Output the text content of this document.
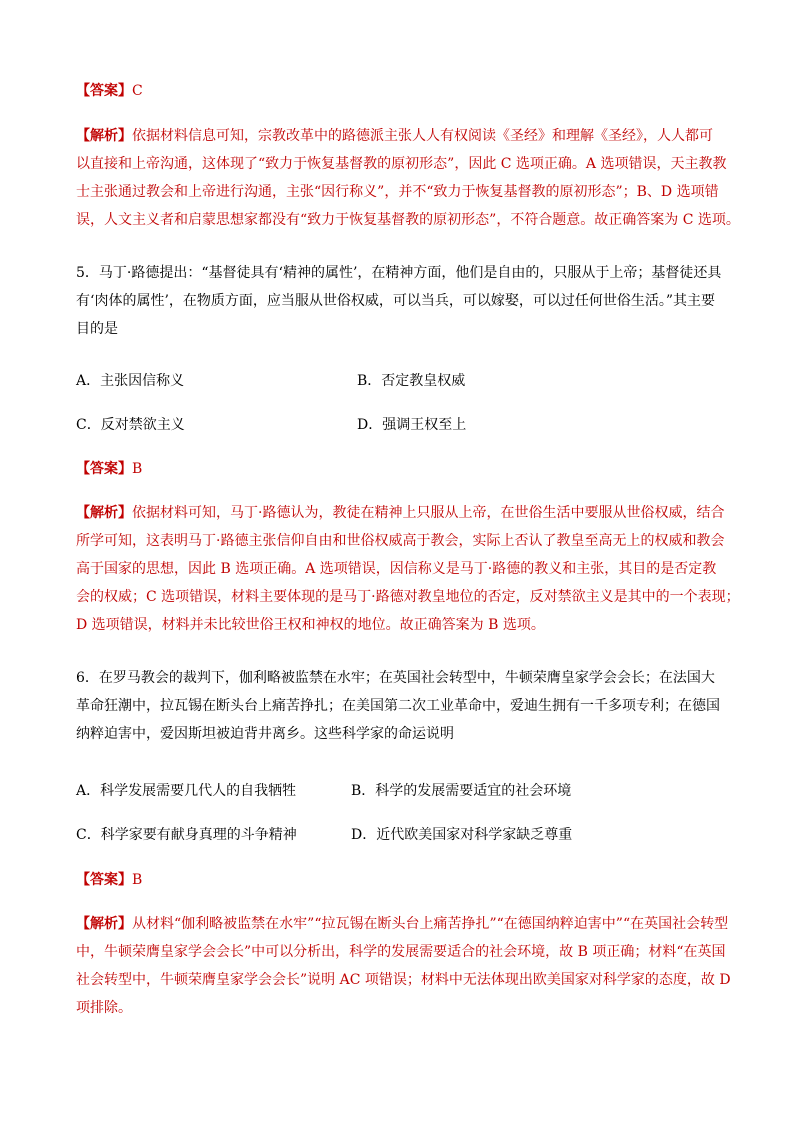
【答案】C
【解析】依据材料信息可知，宗教改革中的路德派主张人人有权阅读《圣经》和理解《圣经》，人人都可
以直接和上帝沟通，这体现了“致力于恢复基督教的原初形态”，因此 C 选项正确。A 选项错误，天主教教
士主张通过教会和上帝进行沟通，主张“因行称义”，并不“致力于恢复基督教的原初形态”；B、D 选项错
误，人文主义者和启蒙思想家都没有“致力于恢复基督教的原初形态”，不符合题意。故正确答案为 C 选项。
5．马丁·路德提出：“基督徒具有‘精神的属性’，在精神方面，他们是自由的，只服从于上帝；基督徒还具
有‘肉体的属性’，在物质方面，应当服从世俗权威，可以当兵，可以嫁娶，可以过任何世俗生活。”其主要
目的是
A．主张因信称义	B．否定教皇权威
C．反对禁欲主义	D．强调王权至上
【答案】B
【解析】依据材料可知，马丁·路德认为，教徒在精神上只服从上帝，在世俗生活中要服从世俗权威，结合
所学可知，这表明马丁·路德主张信仰自由和世俗权威高于教会，实际上否认了教皇至高无上的权威和教会
高于国家的思想，因此 B 选项正确。A 选项错误，因信称义是马丁·路德的教义和主张，其目的是否定教
会的权威；C 选项错误，材料主要体现的是马丁·路德对教皇地位的否定，反对禁欲主义是其中的一个表现；
D 选项错误，材料并未比较世俗王权和神权的地位。故正确答案为 B 选项。
6．在罗马教会的裁判下，伽利略被监禁在水牢；在英国社会转型中，牛顿荣膺皇家学会会长；在法国大
革命狂潮中，拉瓦锡在断头台上痛苦挣扎；在美国第二次工业革命中，爱迪生拥有一千多项专利；在德国
纳粹迫害中，爱因斯坦被迫背井离乡。这些科学家的命运说明
A．科学发展需要几代人的自我牺牲	B．科学的发展需要适宜的社会环境
C．科学家要有献身真理的斗争精神	D．近代欧美国家对科学家缺乏尊重
【答案】B
【解析】从材料“伽利略被监禁在水牢”“拉瓦锡在断头台上痛苦挣扎”“在德国纳粹迫害中”“在英国社会转型
中，牛顿荣膺皇家学会会长”中可以分析出，科学的发展需要适合的社会环境，故 B 项正确；材料“在英国
社会转型中，牛顿荣膺皇家学会会长”说明 AC 项错误；材料中无法体现出欧美国家对科学家的态度，故 D
项排除。
